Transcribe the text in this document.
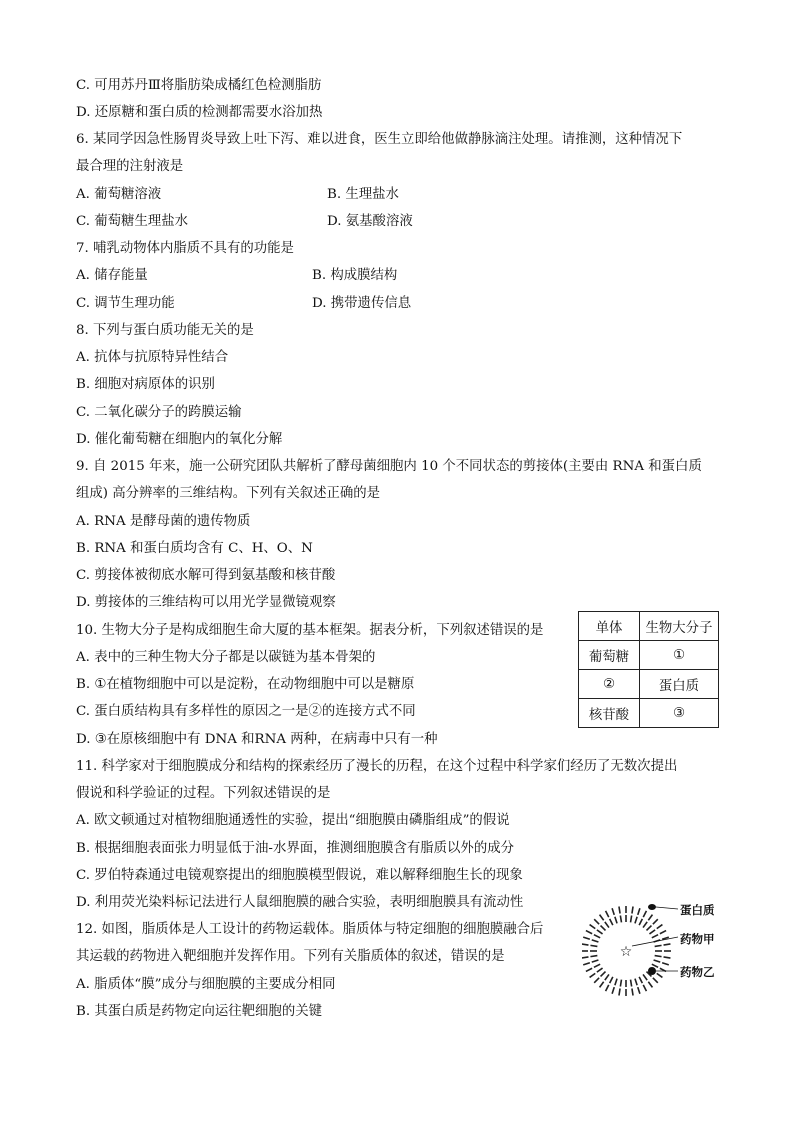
C. 可用苏丹Ⅲ将脂肪染成橘红色检测脂肪
D. 还原糖和蛋白质的检测都需要水浴加热
6. 某同学因急性肠胃炎导致上吐下泻、难以进食，医生立即给他做静脉滴注处理。请推测，这种情况下
最合理的注射液是
A. 葡萄糖溶液	B. 生理盐水
C. 葡萄糖生理盐水	D. 氨基酸溶液
7. 哺乳动物体内脂质不具有的功能是
A. 储存能量	B. 构成膜结构
C. 调节生理功能	D. 携带遗传信息
8. 下列与蛋白质功能无关的是
A. 抗体与抗原特异性结合
B. 细胞对病原体的识别
C. 二氧化碳分子的跨膜运输
D. 催化葡萄糖在细胞内的氧化分解
9. 自 2015 年来，施一公研究团队共解析了酵母菌细胞内 10 个不同状态的剪接体(主要由 RNA 和蛋白质
组成) 高分辨率的三维结构。下列有关叙述正确的是
A. RNA 是酵母菌的遗传物质
B. RNA 和蛋白质均含有 C、H、O、N
C. 剪接体被彻底水解可得到氨基酸和核苷酸
D. 剪接体的三维结构可以用光学显微镜观察
10. 生物大分子是构成细胞生命大厦的基本框架。据表分析，下列叙述错误的是
A. 表中的三种生物大分子都是以碳链为基本骨架的
B. ①在植物细胞中可以是淀粉，在动物细胞中可以是糖原
C. 蛋白质结构具有多样性的原因之一是②的连接方式不同
D. ③在原核细胞中有 DNA 和RNA 两种，在病毒中只有一种
单体	生物大分子
葡萄糖	①
②	蛋白质
核苷酸	③
11. 科学家对于细胞膜成分和结构的探索经历了漫长的历程，在这个过程中科学家们经历了无数次提出
假说和科学验证的过程。下列叙述错误的是
A. 欧文顿通过对植物细胞通透性的实验，提出“细胞膜由磷脂组成”的假说
B. 根据细胞表面张力明显低于油-水界面，推测细胞膜含有脂质以外的成分
C. 罗伯特森通过电镜观察提出的细胞膜模型假说，难以解释细胞生长的现象
D. 利用荧光染料标记法进行人鼠细胞膜的融合实验，表明细胞膜具有流动性
12. 如图，脂质体是人工设计的药物运载体。脂质体与特定细胞的细胞膜融合后
其运载的药物进入靶细胞并发挥作用。下列有关脂质体的叙述，错误的是
A. 脂质体“膜”成分与细胞膜的主要成分相同
B. 其蛋白质是药物定向运往靶细胞的关键
☆
蛋白质
药物甲
药物乙
